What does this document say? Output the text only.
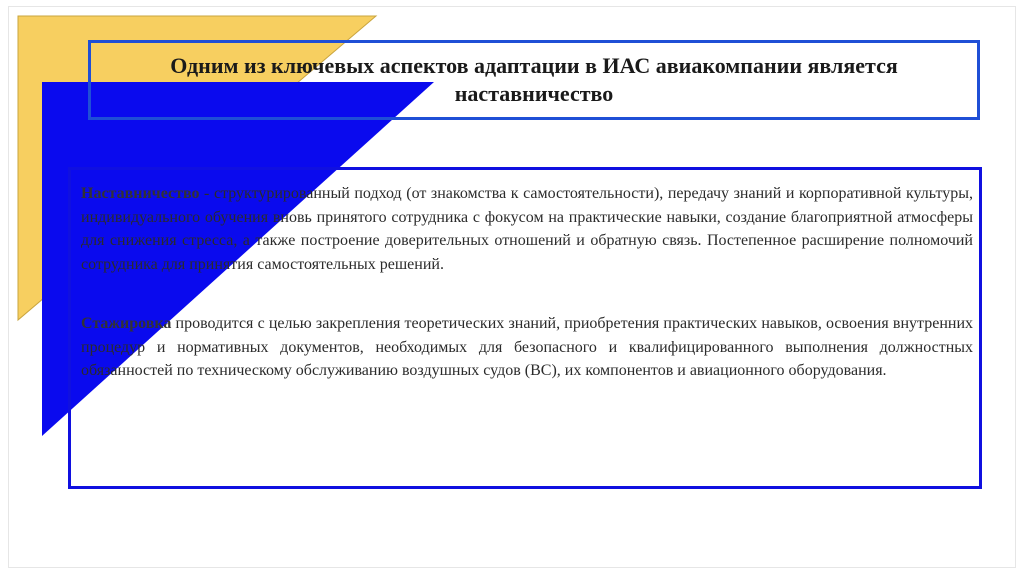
Одним из ключевых аспектов адаптации в ИАС авиакомпании является наставничество

Наставничество - структурированный подход (от знакомства к самостоятельности), передачу знаний и корпоративной культуры, индивидуального обучения вновь принятого сотрудника с фокусом на практические навыки, создание благоприятной атмосферы для снижения стресса, а также построение доверительных отношений и обратную связь. Постепенное расширение полномочий сотрудника для принятия самостоятельных решений.

Стажировка проводится с целью закрепления теоретических знаний, приобретения практических навыков, освоения внутренних процедур и нормативных документов, необходимых для безопасного и квалифицированного выполнения должностных обязанностей по техническому обслуживанию воздушных судов (ВС), их компонентов и авиационного оборудования.
